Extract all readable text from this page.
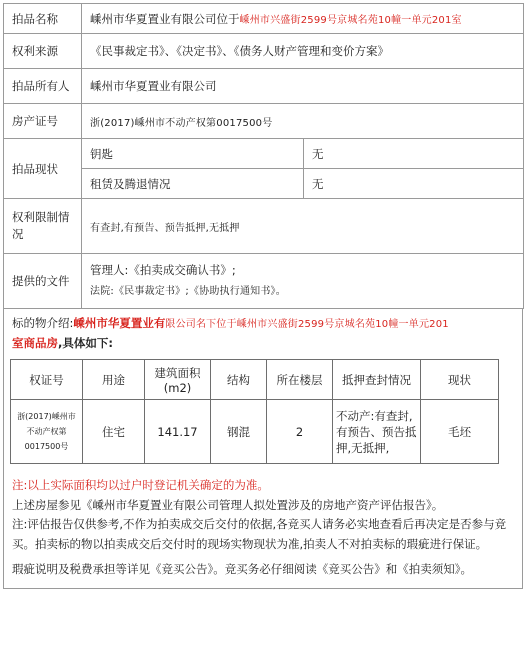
拍品名称	嵊州市华夏置业有限公司位于嵊州市兴盛街2599号京城名苑10幢一单元201室	
权利来源	《民事裁定书》、《决定书》、《债务人财产管理和变价方案》	
拍品所有人	嵊州市华夏置业有限公司	
房产证号	浙(2017)嵊州市不动产权第0017500号	
拍品现状	钥匙	无
	租赁及腾退情况	无
权利限制情况	有查封,有预告、预告抵押,无抵押	
提供的文件	管理人:《拍卖成交确认书》;
法院:《民事裁定书》;《协助执行通知书》。	
标的物介绍:嵊州市华夏置业有限公司名下位于嵊州市兴盛街2599号京城名苑10幢一单元201
室商品房,具体如下:
权证号	用途	建筑面积(m2)	结构	所在楼层	抵押查封情况	现状
浙(2017)嵊州市不动产权第0017500号	住宅	141.17	钢混	2	不动产:有查封,有预告、预告抵押,无抵押,	毛坯

注:以上实际面积均以过户时登记机关确定的为准。

上述房屋参见《嵊州市华夏置业有限公司管理人拟处置涉及的房地产资产评估报告》。

注:评估报告仅供参考,不作为拍卖成交后交付的依据,各竞买人请务必实地查看后再决定是否参与竞买。拍卖标的物以拍卖成交后交付时的现场实物现状为准,拍卖人不对拍卖标的瑕疵进行保证。

瑕疵说明及税费承担等详见《竞买公告》。竞买务必仔细阅读《竞买公告》和《拍卖须知》。
